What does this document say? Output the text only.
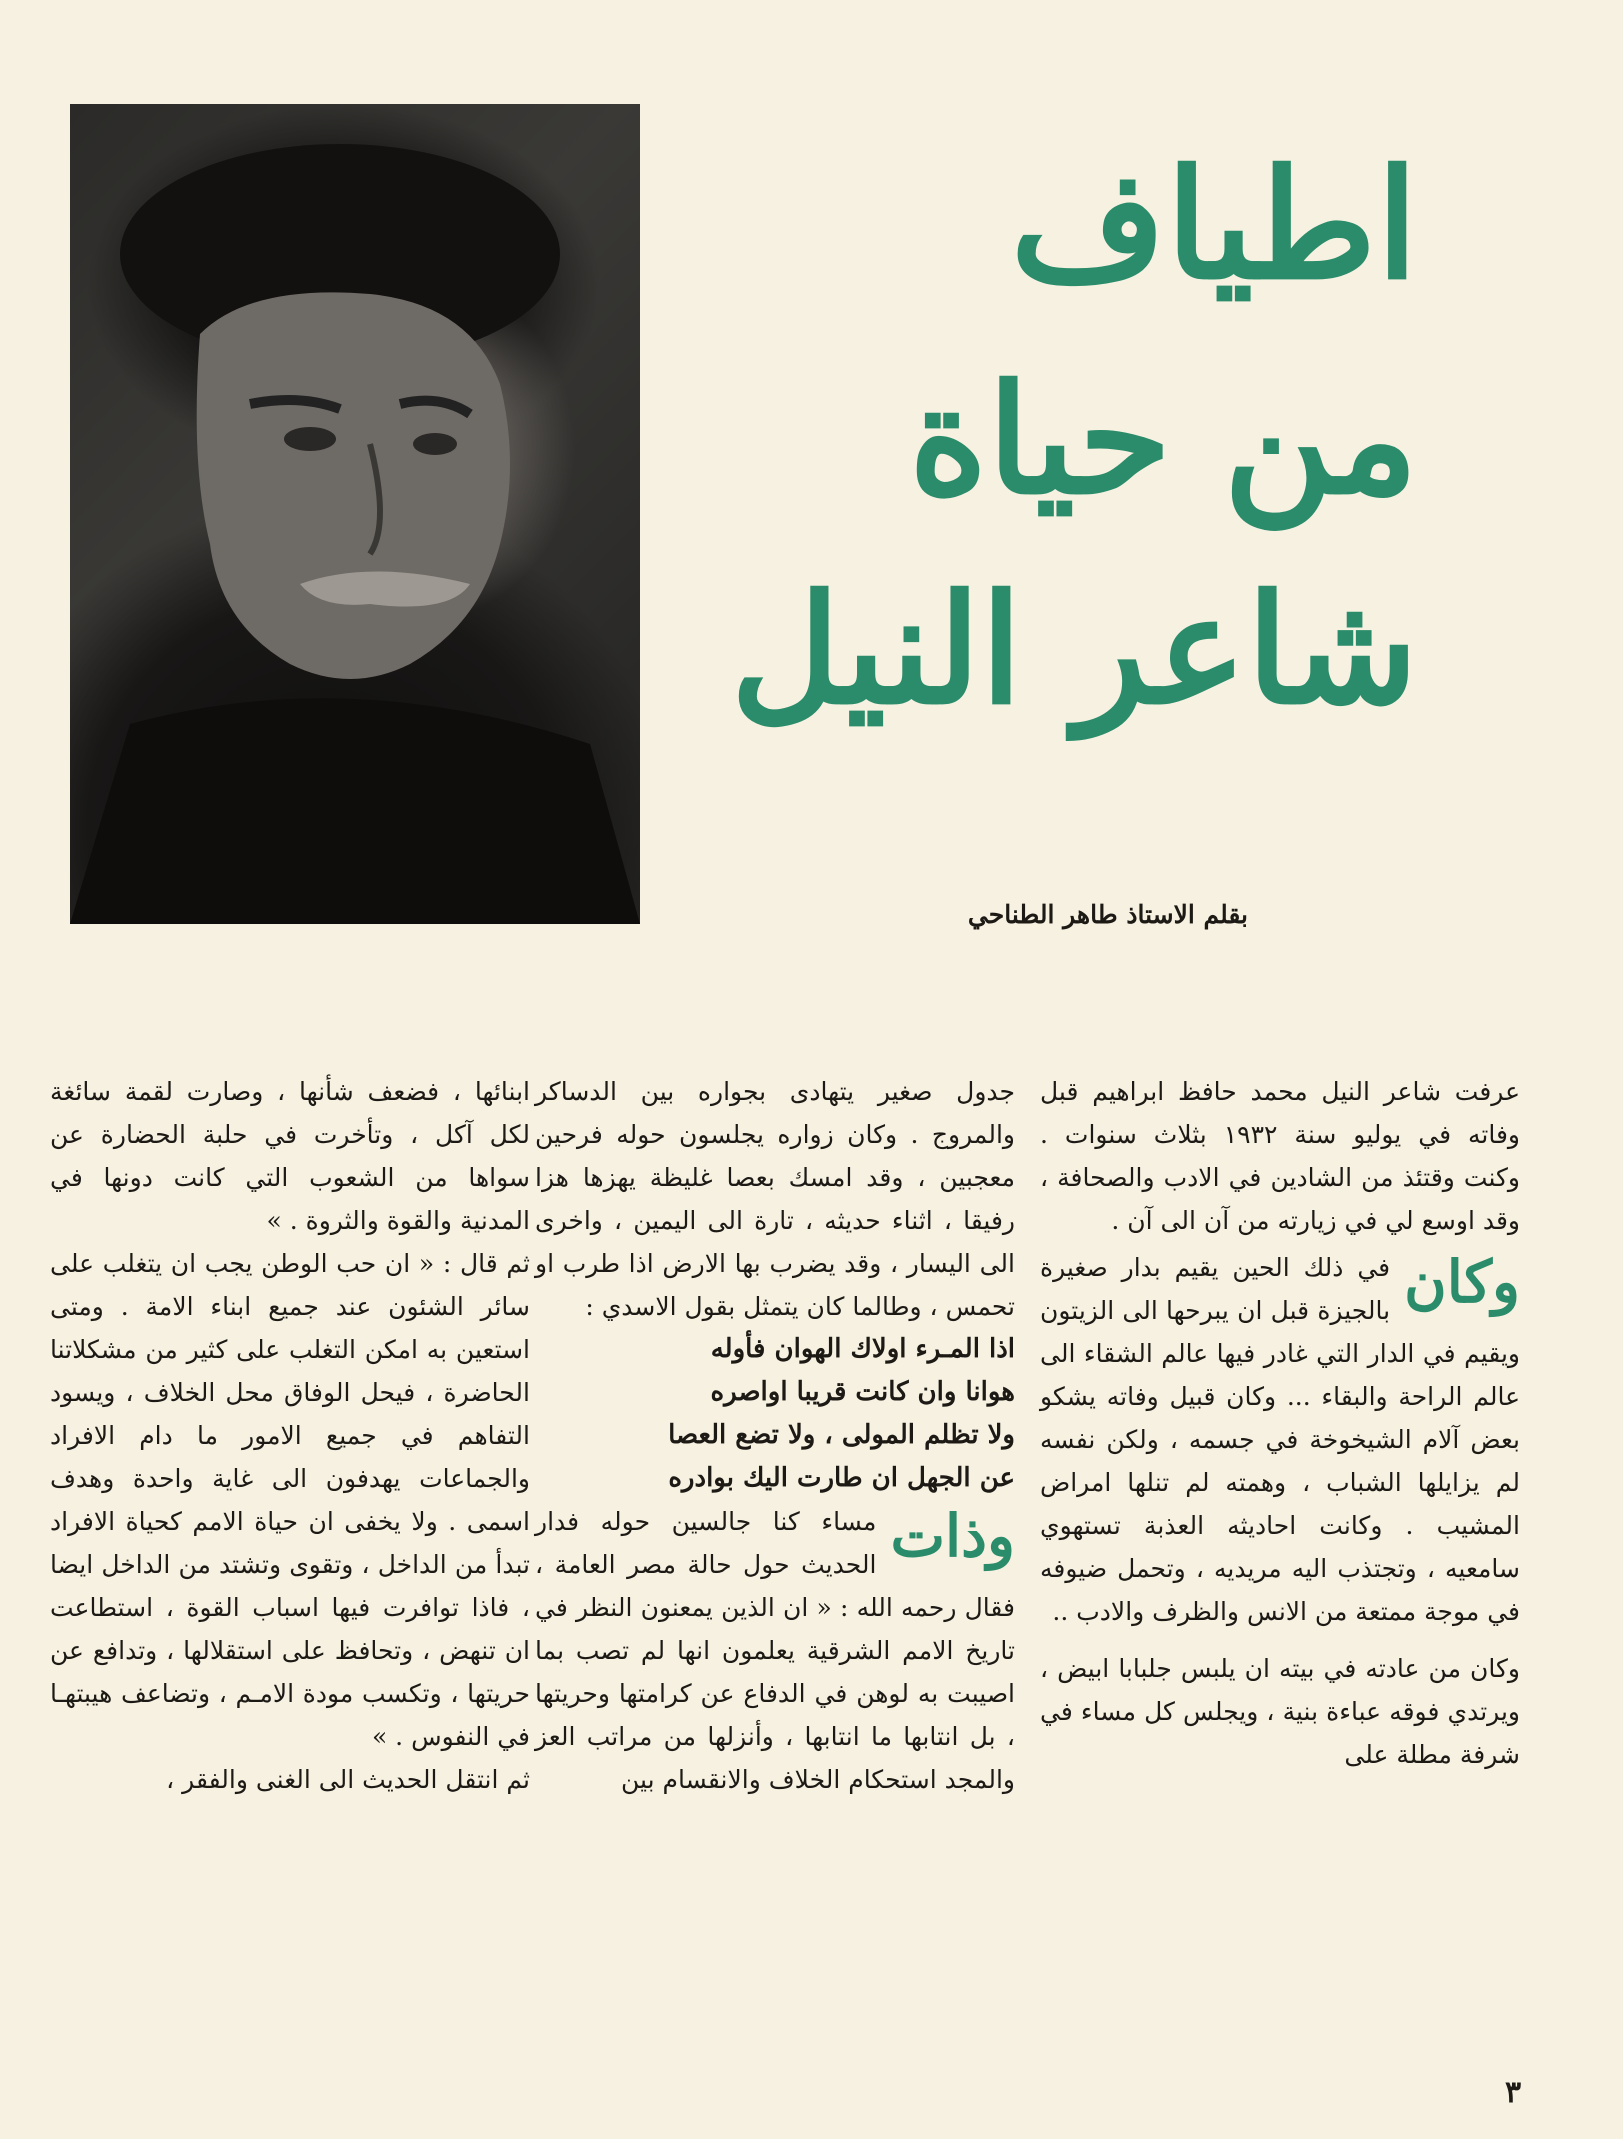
اطياف
من حياة
شاعر النيل
بقلم الاستاذ طاهر الطناحي

عرفت شاعر النيل محمد حافظ ابراهيم قبل وفاته في يوليو سنة ١٩٣٢ بثلاث سنوات . وكنت وقتئذ من الشادين في الادب والصحافة ، وقد اوسع لي في زيارته من آن الى آن .

وكان
في ذلك الحين يقيم بدار صغيرة بالجيزة قبل ان يبرحها الى الزيتون ويقيم في الدار التي غادر فيها عالم الشقاء الى عالم الراحة والبقاء ... وكان قبيل وفاته يشكو بعض آلام الشيخوخة في جسمه ، ولكن نفسه لم يزايلها الشباب ، وهمته لم تنلها امراض المشيب . وكانت احاديثه العذبة تستهوي سامعيه ، وتجتذب اليه مريديه ، وتحمل ضيوفه في موجة ممتعة من الانس والظرف والادب ..

وكان من عادته في بيته ان يلبس جلبابا ابيض ، ويرتدي فوقه عباءة بنية ، ويجلس كل مساء في شرفة مطلة على

جدول صغير يتهادى بجواره بين الدساكر والمروج . وكان زواره يجلسون حوله فرحين معجبين ، وقد امسك بعصا غليظة يهزها هزا رفيقا ، اثناء حديثه ، تارة الى اليمين ، واخرى الى اليسار ، وقد يضرب بها الارض اذا طرب او تحمس ، وطالما كان يتمثل بقول الاسدي :

اذا المـرء اولاك الهوان فأوله

هوانا وان كانت قريبا اواصره

ولا تظلم المولى ، ولا تضع العصا

عن الجهل ان طارت اليك بوادره

وذات
مساء كنا جالسين حوله فدار الحديث حول حالة مصر العامة ، فقال رحمه الله : « ان الذين يمعنون النظر في تاريخ الامم الشرقية يعلمون انها لم تصب بما اصيبت به لوهن في الدفاع عن كرامتها وحريتها ، بل انتابها ما انتابها ، وأنزلها من مراتب العز والمجد استحكام الخلاف والانقسام بين

ابنائها ، فضعف شأنها ، وصارت لقمة سائغة لكل آكل ، وتأخرت في حلبة الحضارة عن سواها من الشعوب التي كانت دونها في المدنية والقوة والثروة . »

ثم قال : « ان حب الوطن يجب ان يتغلب على سائر الشئون عند جميع ابناء الامة . ومتى استعين به امكن التغلب على كثير من مشكلاتنا الحاضرة ، فيحل الوفاق محل الخلاف ، ويسود التفاهم في جميع الامور ما دام الافراد والجماعات يهدفون الى غاية واحدة وهدف اسمى . ولا يخفى ان حياة الامم كحياة الافراد تبدأ من الداخل ، وتقوى وتشتد من الداخل ايضا ، فاذا توافرت فيها اسباب القوة ، استطاعت ان تنهض ، وتحافظ على استقلالها ، وتدافع عن حريتها ، وتكسب مودة الامـم ، وتضاعف هيبتهـا في النفوس . »

ثم انتقل الحديث الى الغنى والفقر ،

٣
